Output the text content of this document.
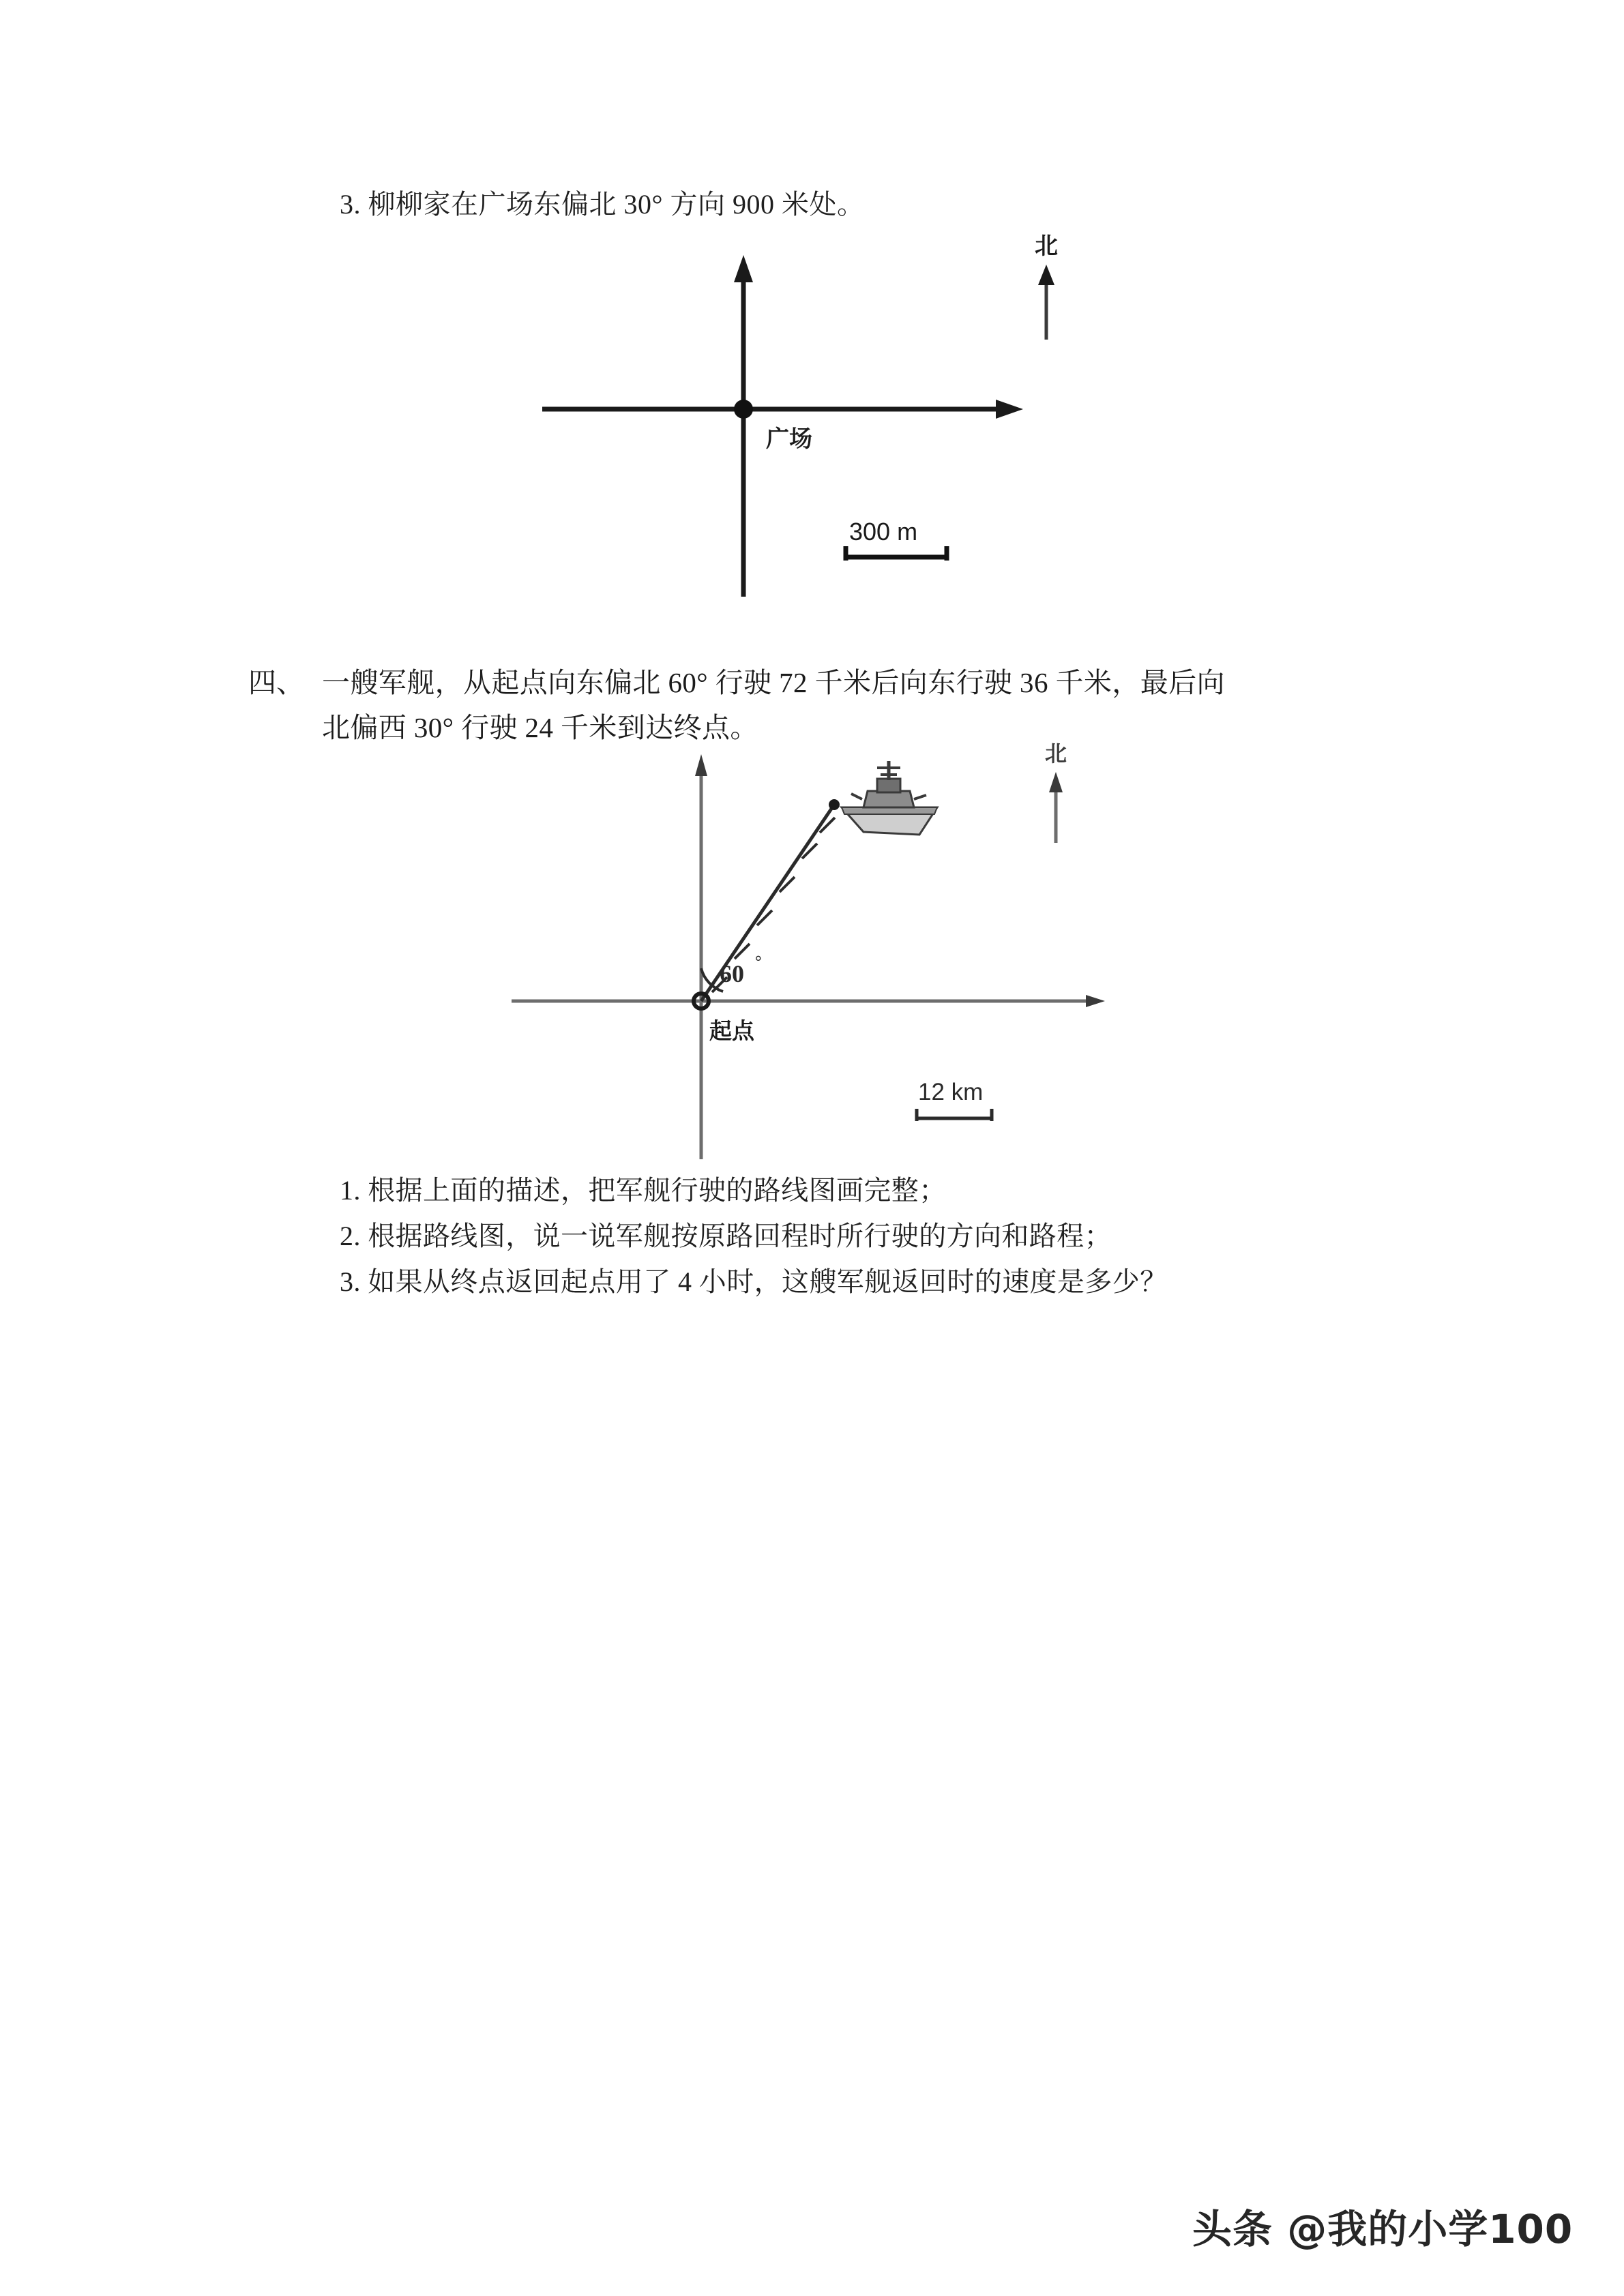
3. 柳柳家在广场东偏北 30° 方向 900 米处。
广场
北
300 m
四、 一艘军舰，从起点向东偏北 60° 行驶 72 千米后向东行驶 36 千米，最后向
北偏西 30° 行驶 24 千米到达终点。
60 °
起点
北
12 km
1. 根据上面的描述，把军舰行驶的路线图画完整；
2. 根据路线图，说一说军舰按原路回程时所行驶的方向和路程；
3. 如果从终点返回起点用了 4 小时，这艘军舰返回时的速度是多少？
头条 @我的小学100
